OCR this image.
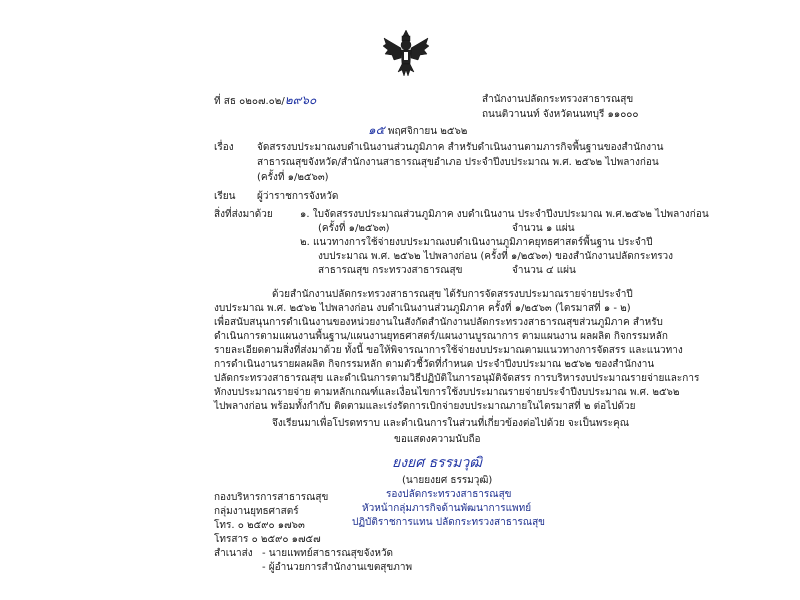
ที่ สธ ๐๒๐๗.๐๒/๒๙๖๐	สำนักงานปลัดกระทรวงสาธารณสุข
ถนนติวานนท์ จังหวัดนนทบุรี ๑๑๐๐๐
๑๕ พฤศจิกายน ๒๕๖๒
เรื่อง จัดสรรงบประมาณงบดำเนินงานส่วนภูมิภาค สำหรับดำเนินงานตามภารกิจพื้นฐานของสำนักงาน
สาธารณสุขจังหวัด/สำนักงานสาธารณสุขอำเภอ ประจำปีงบประมาณ พ.ศ. ๒๕๖๒ ไปพลางก่อน
(ครั้งที่ ๑/๒๕๖๓)
เรียน ผู้ว่าราชการจังหวัด
สิ่งที่ส่งมาด้วย	๑. ใบจัดสรรงบประมาณส่วนภูมิภาค งบดำเนินงาน ประจำปีงบประมาณ พ.ศ.๒๕๖๒ ไปพลางก่อน
(ครั้งที่ ๑/๒๕๖๓)	จำนวน ๑ แผ่น
๒. แนวทางการใช้จ่ายงบประมาณงบดำเนินงานภูมิภาคยุทธศาสตร์พื้นฐาน ประจำปี
งบประมาณ พ.ศ. ๒๕๖๒ ไปพลางก่อน (ครั้งที่ ๑/๒๕๖๓) ของสำนักงานปลัดกระทรวง
สาธารณสุข กระทรวงสาธารณสุข	จำนวน ๔ แผ่น
ด้วยสำนักงานปลัดกระทรวงสาธารณสุข ได้รับการจัดสรรงบประมาณรายจ่ายประจำปี
งบประมาณ พ.ศ. ๒๕๖๒ ไปพลางก่อน งบดำเนินงานส่วนภูมิภาค ครั้งที่ ๑/๒๕๖๓ (ไตรมาสที่ ๑ - ๒)
เพื่อสนับสนุนการดำเนินงานของหน่วยงานในสังกัดสำนักงานปลัดกระทรวงสาธารณสุขส่วนภูมิภาค สำหรับ
ดำเนินการตามแผนงานพื้นฐาน/แผนงานยุทธศาสตร์/แผนงานบูรณาการ ตามแผนงาน ผลผลิต กิจกรรมหลัก
รายละเอียดตามสิ่งที่ส่งมาด้วย ทั้งนี้ ขอให้พิจารณาการใช้จ่ายงบประมาณตามแนวทางการจัดสรร และแนวทาง
การดำเนินงานรายผลผลิต กิจกรรมหลัก ตามตัวชี้วัดที่กำหนด ประจำปีงบประมาณ ๒๕๖๒ ของสำนักงาน
ปลัดกระทรวงสาธารณสุข และดำเนินการตามวิธีปฏิบัติในการอนุมัติจัดสรร การบริหารงบประมาณรายจ่ายและการ
หักงบประมาณรายจ่าย ตามหลักเกณฑ์และเงื่อนไขการใช้งบประมาณรายจ่ายประจำปีงบประมาณ พ.ศ. ๒๕๖๒
ไปพลางก่อน พร้อมทั้งกำกับ ติดตามและเร่งรัดการเบิกจ่ายงบประมาณภายในไตรมาสที่ ๒ ต่อไปด้วย
จึงเรียนมาเพื่อโปรดทราบ และดำเนินการในส่วนที่เกี่ยวข้องต่อไปด้วย จะเป็นพระคุณ
ขอแสดงความนับถือ
ยงยศ ธรรมวุฒิ
(นายยงยศ ธรรมวุฒิ)
รองปลัดกระทรวงสาธารณสุข
หัวหน้ากลุ่มภารกิจด้านพัฒนาการแพทย์
ปฏิบัติราชการแทน ปลัดกระทรวงสาธารณสุข
กองบริหารการสาธารณสุข
กลุ่มงานยุทธศาสตร์
โทร. ๐ ๒๕๙๐ ๑๗๖๓
โทรสาร ๐ ๒๕๙๐ ๑๗๕๗
สำเนาส่ง - นายแพทย์สาธารณสุขจังหวัด
- ผู้อำนวยการสำนักงานเขตสุขภาพ
